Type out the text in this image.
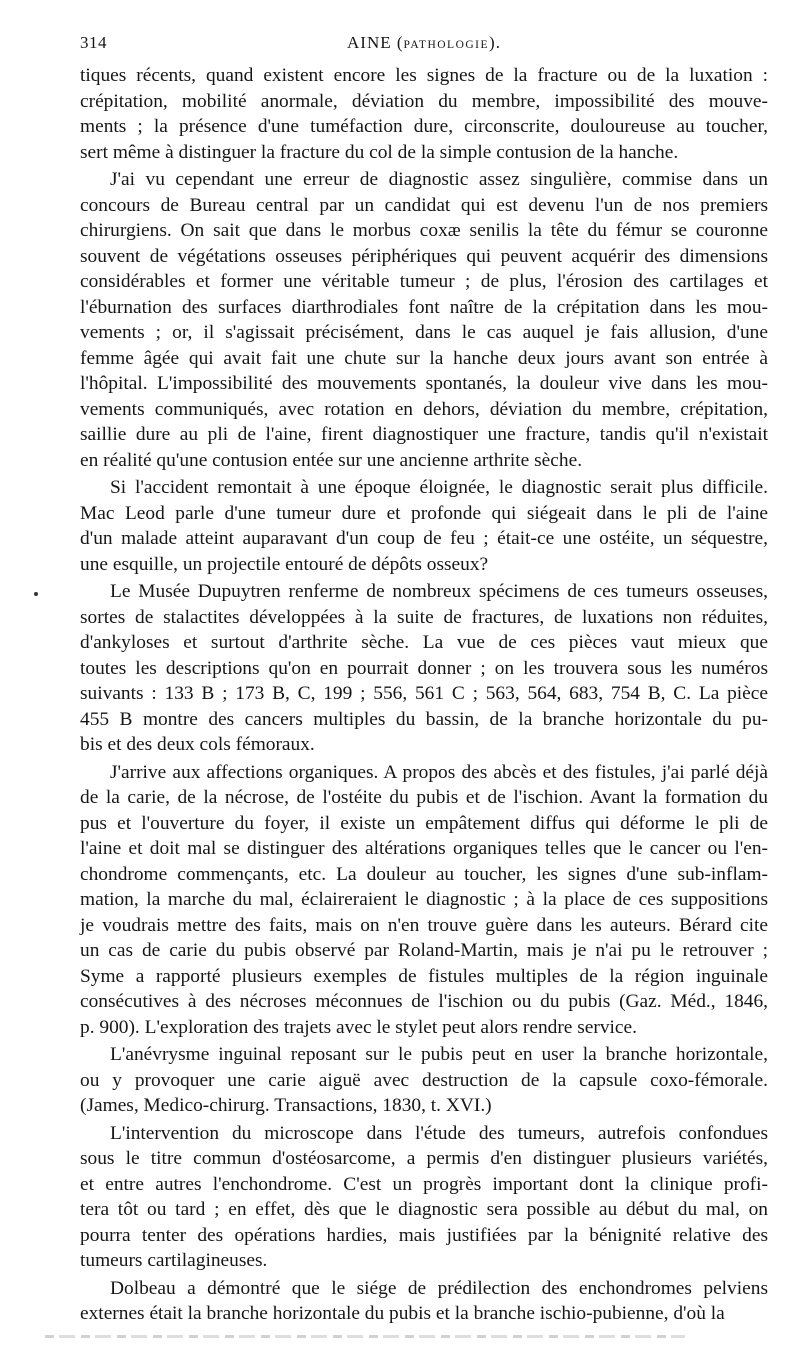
314	AINE (PATHOLOGIE).
tiques récents, quand existent encore les signes de la fracture ou de la luxation :
crépitation, mobilité anormale, déviation du membre, impossibilité des mouve-
ments ; la présence d'une tuméfaction dure, circonscrite, douloureuse au toucher,
sert même à distinguer la fracture du col de la simple contusion de la hanche.
J'ai vu cependant une erreur de diagnostic assez singulière, commise dans un
concours de Bureau central par un candidat qui est devenu l'un de nos premiers
chirurgiens. On sait que dans le morbus coxæ senilis la tête du fémur se couronne
souvent de végétations osseuses périphériques qui peuvent acquérir des dimensions
considérables et former une véritable tumeur ; de plus, l'érosion des cartilages et
l'éburnation des surfaces diarthrodiales font naître de la crépitation dans les mou-
vements ; or, il s'agissait précisément, dans le cas auquel je fais allusion, d'une
femme âgée qui avait fait une chute sur la hanche deux jours avant son entrée à
l'hôpital. L'impossibilité des mouvements spontanés, la douleur vive dans les mou-
vements communiqués, avec rotation en dehors, déviation du membre, crépitation,
saillie dure au pli de l'aine, firent diagnostiquer une fracture, tandis qu'il n'existait
en réalité qu'une contusion entée sur une ancienne arthrite sèche.
Si l'accident remontait à une époque éloignée, le diagnostic serait plus difficile.
Mac Leod parle d'une tumeur dure et profonde qui siégeait dans le pli de l'aine
d'un malade atteint auparavant d'un coup de feu ; était-ce une ostéite, un séquestre,
une esquille, un projectile entouré de dépôts osseux?
Le Musée Dupuytren renferme de nombreux spécimens de ces tumeurs osseuses,
sortes de stalactites développées à la suite de fractures, de luxations non réduites,
d'ankyloses et surtout d'arthrite sèche. La vue de ces pièces vaut mieux que
toutes les descriptions qu'on en pourrait donner ; on les trouvera sous les numéros
suivants : 133 B ; 173 B, C, 199 ; 556, 561 C ; 563, 564, 683, 754 B, C. La pièce
455 B montre des cancers multiples du bassin, de la branche horizontale du pu-
bis et des deux cols fémoraux.
J'arrive aux affections organiques. A propos des abcès et des fistules, j'ai parlé déjà
de la carie, de la nécrose, de l'ostéite du pubis et de l'ischion. Avant la formation du
pus et l'ouverture du foyer, il existe un empâtement diffus qui déforme le pli de
l'aine et doit mal se distinguer des altérations organiques telles que le cancer ou l'en-
chondrome commençants, etc. La douleur au toucher, les signes d'une sub-inflam-
mation, la marche du mal, éclaireraient le diagnostic ; à la place de ces suppositions
je voudrais mettre des faits, mais on n'en trouve guère dans les auteurs. Bérard cite
un cas de carie du pubis observé par Roland-Martin, mais je n'ai pu le retrouver ;
Syme a rapporté plusieurs exemples de fistules multiples de la région inguinale
consécutives à des nécroses méconnues de l'ischion ou du pubis (Gaz. Méd., 1846,
p. 900). L'exploration des trajets avec le stylet peut alors rendre service.
L'anévrysme inguinal reposant sur le pubis peut en user la branche horizontale,
ou y provoquer une carie aiguë avec destruction de la capsule coxo-fémorale.
(James, Medico-chirurg. Transactions, 1830, t. XVI.)
L'intervention du microscope dans l'étude des tumeurs, autrefois confondues
sous le titre commun d'ostéosarcome, a permis d'en distinguer plusieurs variétés,
et entre autres l'enchondrome. C'est un progrès important dont la clinique profi-
tera tôt ou tard ; en effet, dès que le diagnostic sera possible au début du mal, on
pourra tenter des opérations hardies, mais justifiées par la bénignité relative des
tumeurs cartilagineuses.
Dolbeau a démontré que le siége de prédilection des enchondromes pelviens
externes était la branche horizontale du pubis et la branche ischio-pubienne, d'où la
